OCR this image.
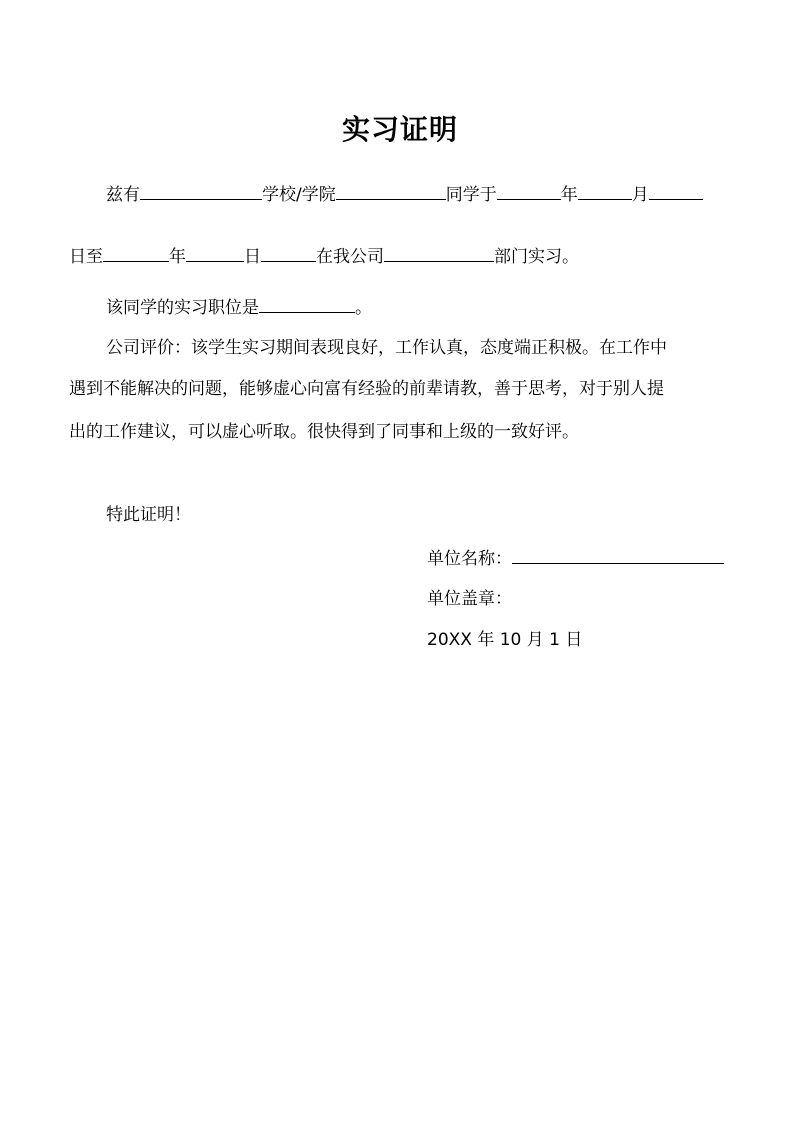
实习证明
兹有	学校/学院	同学于	年	月
日至	年	日	在我公司	部门实习。
该同学的实习职位是	。
公司评价：该学生实习期间表现良好，工作认真，态度端正积极。在工作中
遇到不能解决的问题，能够虚心向富有经验的前辈请教，善于思考，对于别人提
出的工作建议，可以虚心听取。很快得到了同事和上级的一致好评。
特此证明！
单位名称：
单位盖章：
20XX 年 10 月 1 日
